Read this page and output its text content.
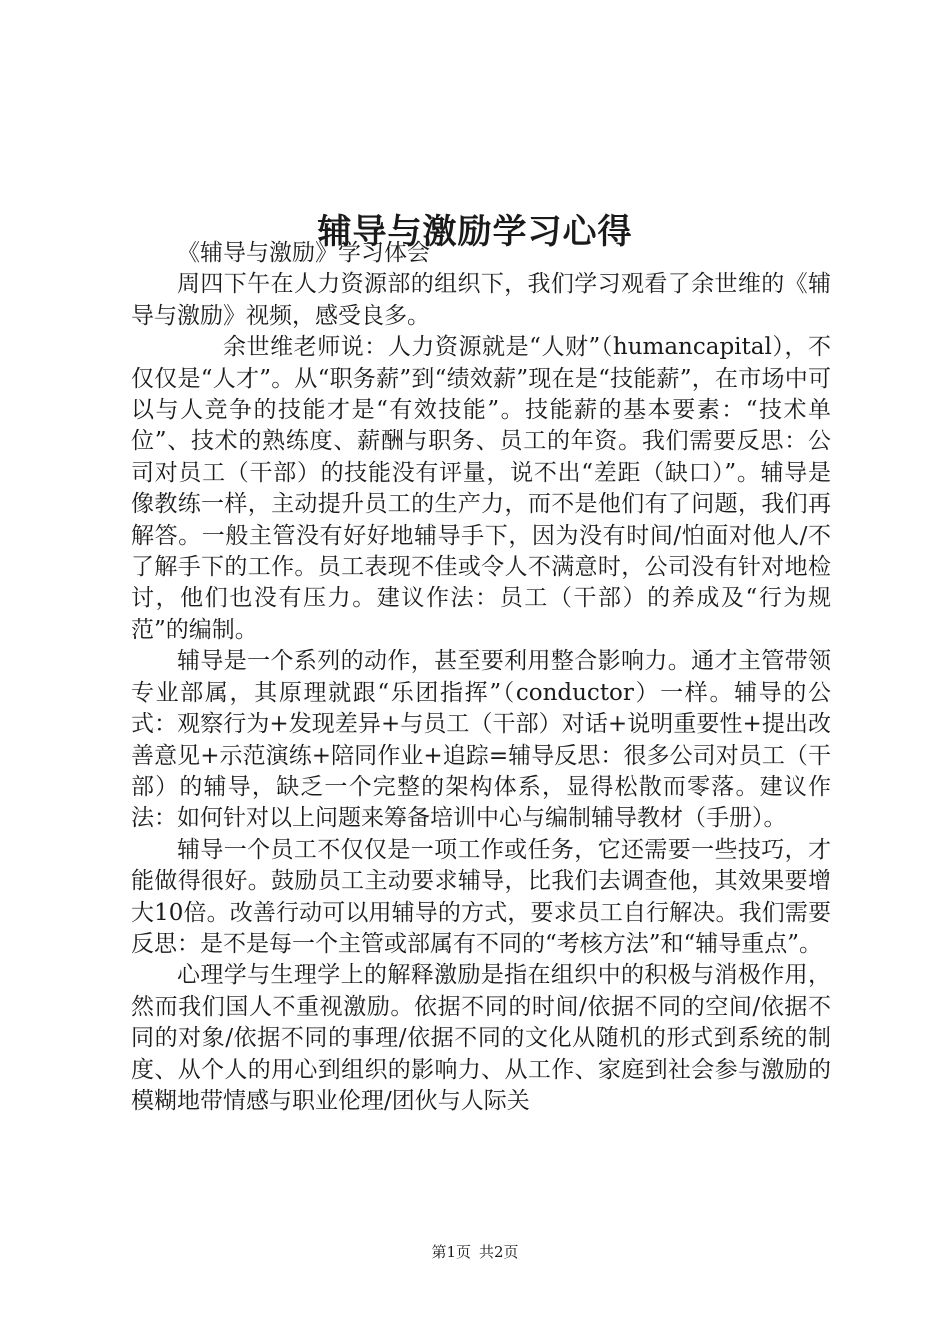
辅导与激励学习心得

《辅导与激励》学习体会

周四下午在人力资源部的组织下，我们学习观看了余世维的《辅导与激励》视频，感受良多。

余世维老师说：人力资源就是“人财”（humancapital），不仅仅是“人才”。从“职务薪”到“绩效薪”现在是“技能薪”，在市场中可以与人竞争的技能才是“有效技能”。技能薪的基本要素：“技术单位”、技术的熟练度、薪酬与职务、员工的年资。我们需要反思：公司对员工（干部）的技能没有评量，说不出“差距（缺口）”。辅导是像教练一样，主动提升员工的生产力，而不是他们有了问题，我们再解答。一般主管没有好好地辅导手下，因为没有时间/怕面对他人/不了解手下的工作。员工表现不佳或令人不满意时，公司没有针对地检讨，他们也没有压力。建议作法：员工（干部）的养成及“行为规范”的编制。

辅导是一个系列的动作，甚至要利用整合影响力。通才主管带领专业部属，其原理就跟“乐团指挥”（conductor）一样。辅导的公式：观察行为+发现差异+与员工（干部）对话+说明重要性+提出改善意见+示范演练+陪同作业+追踪=辅导反思：很多公司对员工（干部）的辅导，缺乏一个完整的架构体系，显得松散而零落。建议作法：如何针对以上问题来筹备培训中心与编制辅导教材（手册）。

辅导一个员工不仅仅是一项工作或任务，它还需要一些技巧，才能做得很好。鼓励员工主动要求辅导，比我们去调查他，其效果要增大10倍。改善行动可以用辅导的方式，要求员工自行解决。我们需要反思：是不是每一个主管或部属有不同的“考核方法”和“辅导重点”。

心理学与生理学上的解释激励是指在组织中的积极与消极作用，然而我们国人不重视激励。依据不同的时间/依据不同的空间/依据不同的对象/依据不同的事理/依据不同的文化从随机的形式到系统的制度、从个人的用心到组织的影响力、从工作、家庭到社会参与激励的模糊地带情感与职业伦理/团伙与人际关

第1页 共2页
